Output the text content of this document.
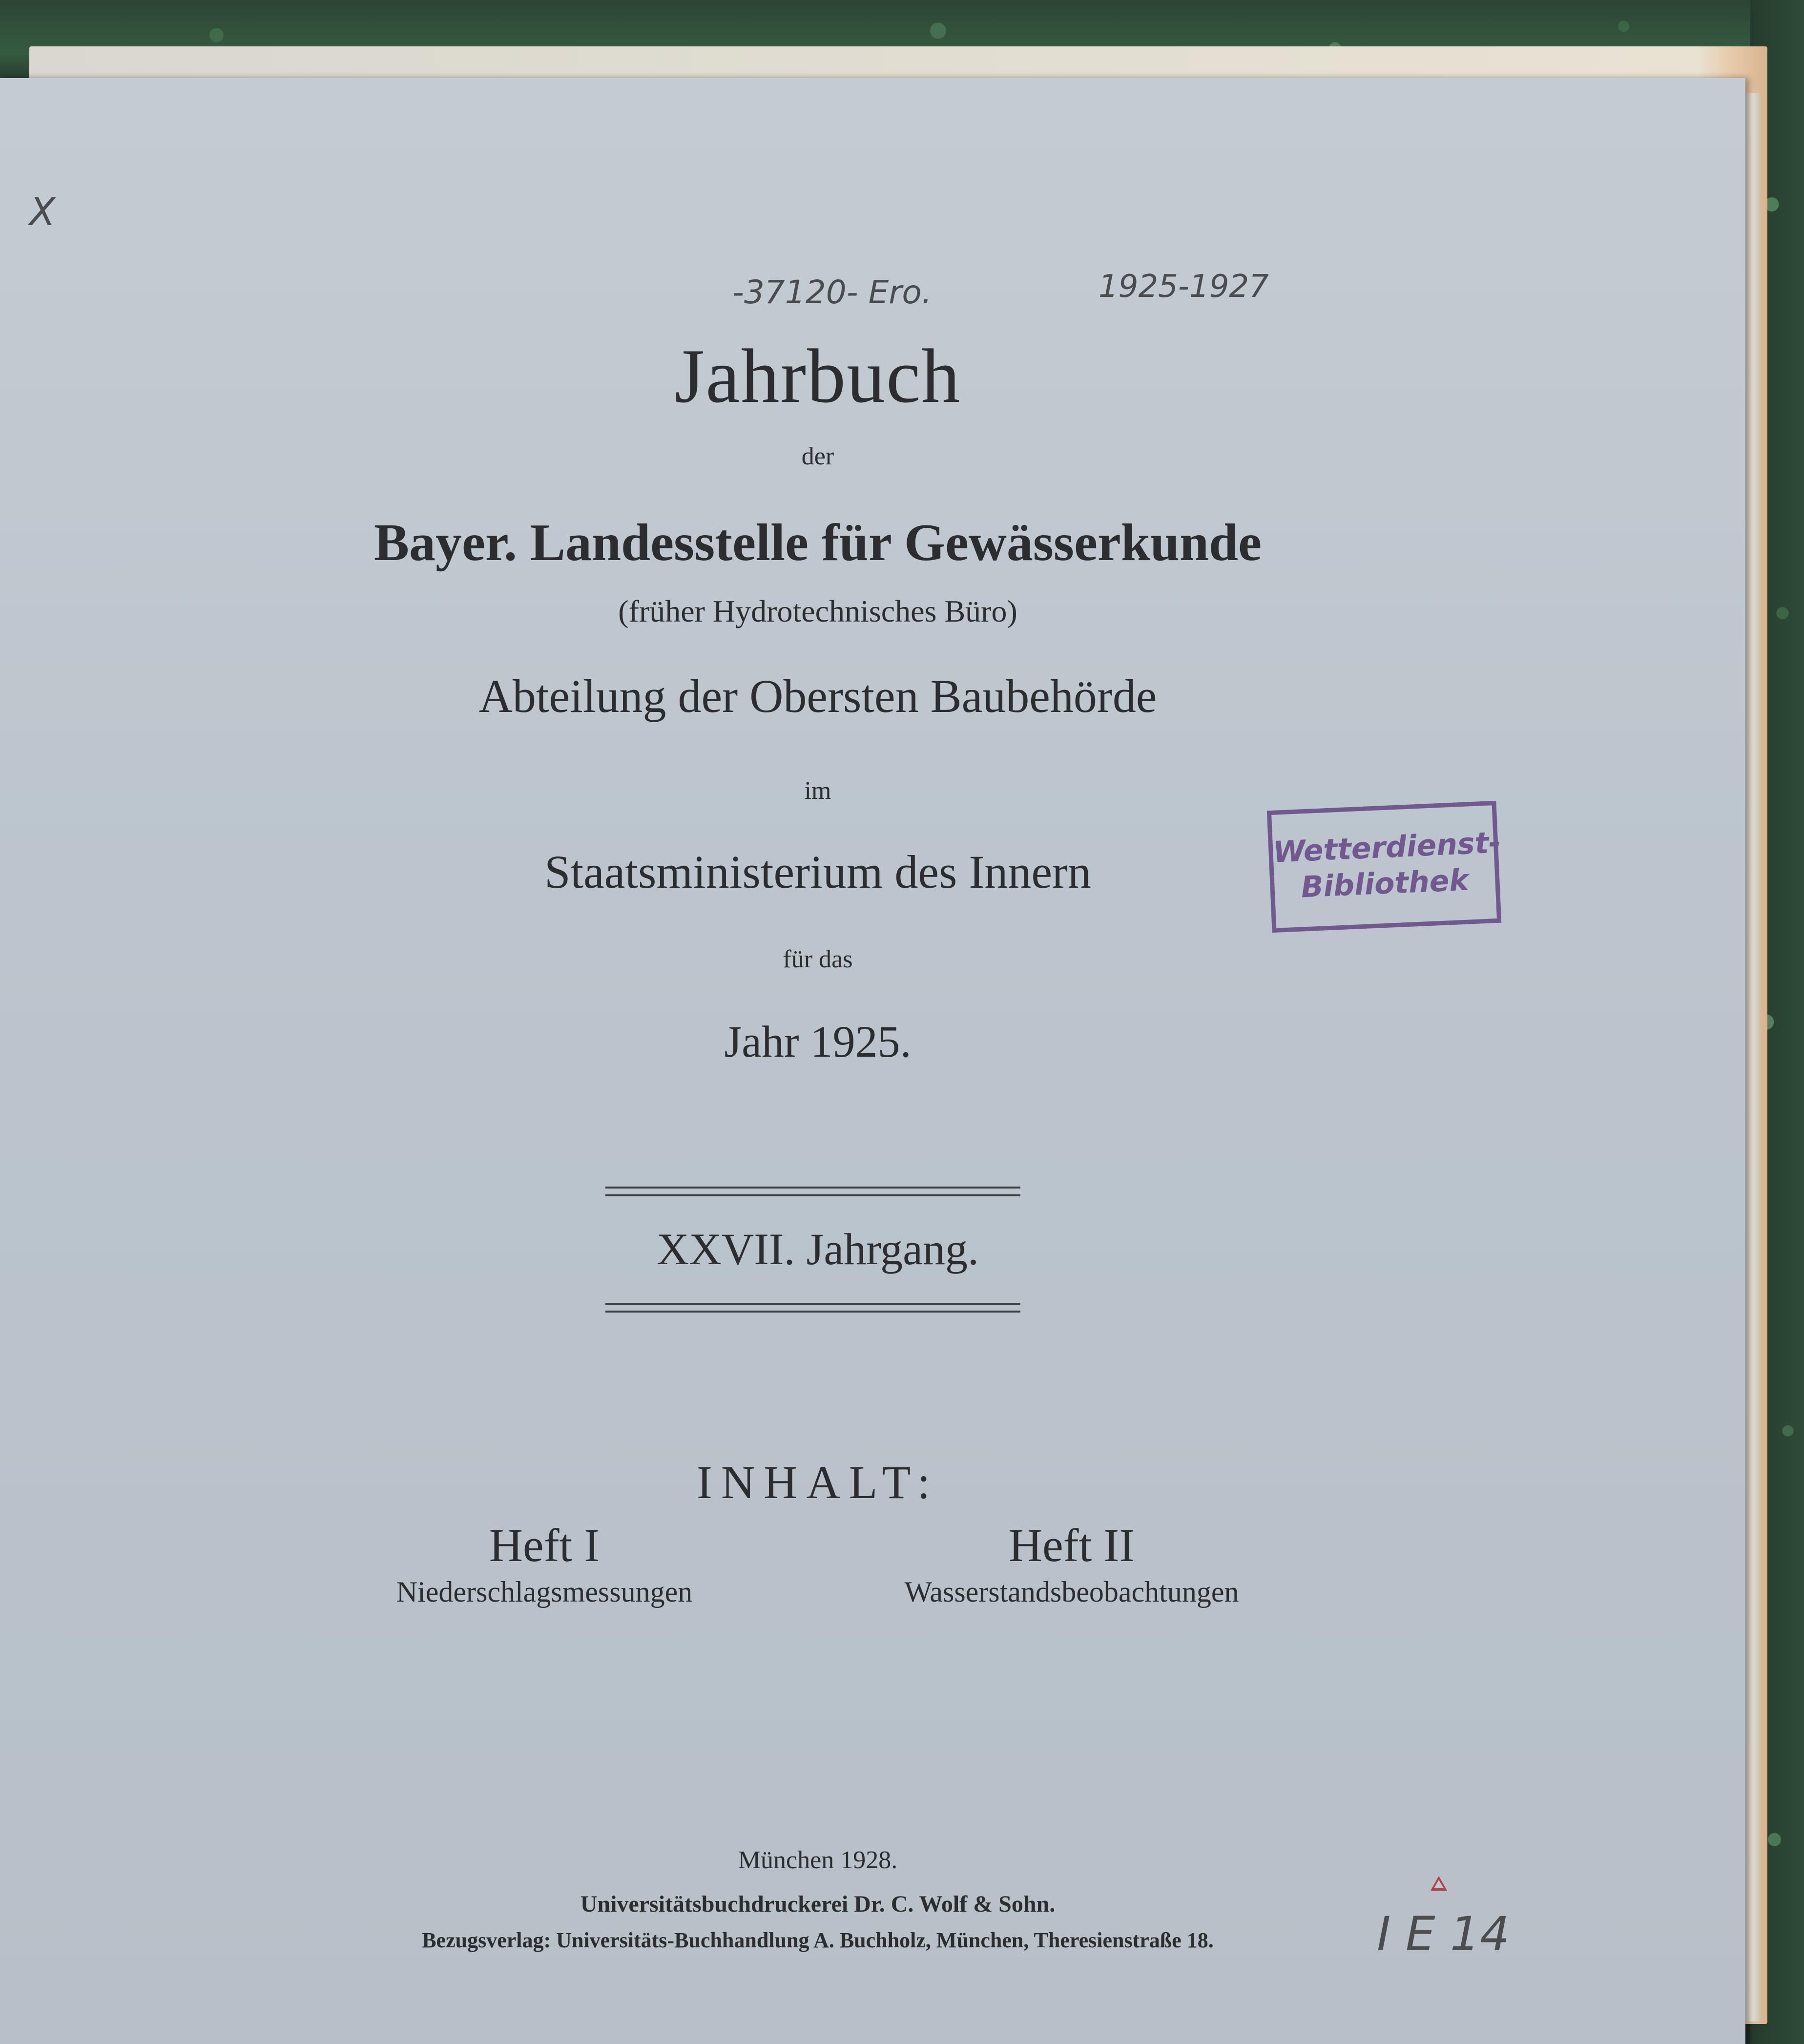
X
-37120- Ero.	1925-1927
Jahrbuch
der
Bayer. Landesstelle für Gewässerkunde
(früher Hydrotechnisches Büro)
Abteilung der Obersten Baubehörde
im
Staatsministerium des Innern
für das
Jahr 1925.
Wetterdienst-
Bibliothek
XXVII. Jahrgang.
INHALT:
Heft I
Niederschlagsmessungen
Heft II
Wasserstandsbeobachtungen
München 1928.
Universitätsbuchdruckerei Dr. C. Wolf & Sohn.
Bezugsverlag: Universitäts-Buchhandlung A. Buchholz, München, Theresienstraße 18.	I E 14
